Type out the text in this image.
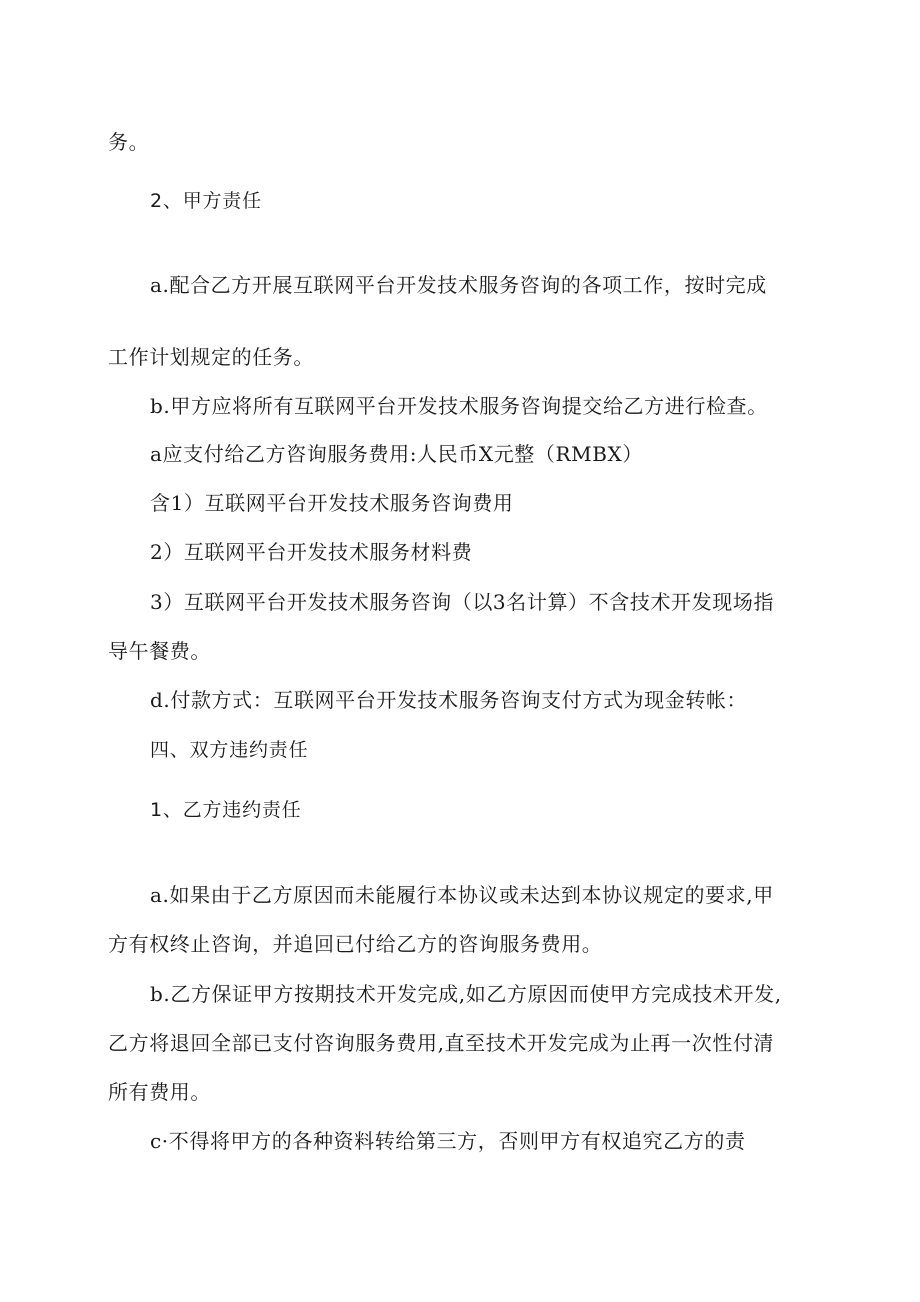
务。
2、甲方责任
a.配合乙方开展互联网平台开发技术服务咨询的各项工作，按时完成
工作计划规定的任务。
b.甲方应将所有互联网平台开发技术服务咨询提交给乙方进行检查。
a应支付给乙方咨询服务费用:人民币X元整（RMBX）
含1）互联网平台开发技术服务咨询费用
2）互联网平台开发技术服务材料费
3）互联网平台开发技术服务咨询（以3名计算）不含技术开发现场指
导午餐费。
d.付款方式：互联网平台开发技术服务咨询支付方式为现金转帐：
四、双方违约责任
1、乙方违约责任
a.如果由于乙方原因而未能履行本协议或未达到本协议规定的要求,甲
方有权终止咨询，并追回已付给乙方的咨询服务费用。
b.乙方保证甲方按期技术开发完成,如乙方原因而使甲方完成技术开发,
乙方将退回全部已支付咨询服务费用,直至技术开发完成为止再一次性付清
所有费用。
c·不得将甲方的各种资料转给第三方，否则甲方有权追究乙方的责
